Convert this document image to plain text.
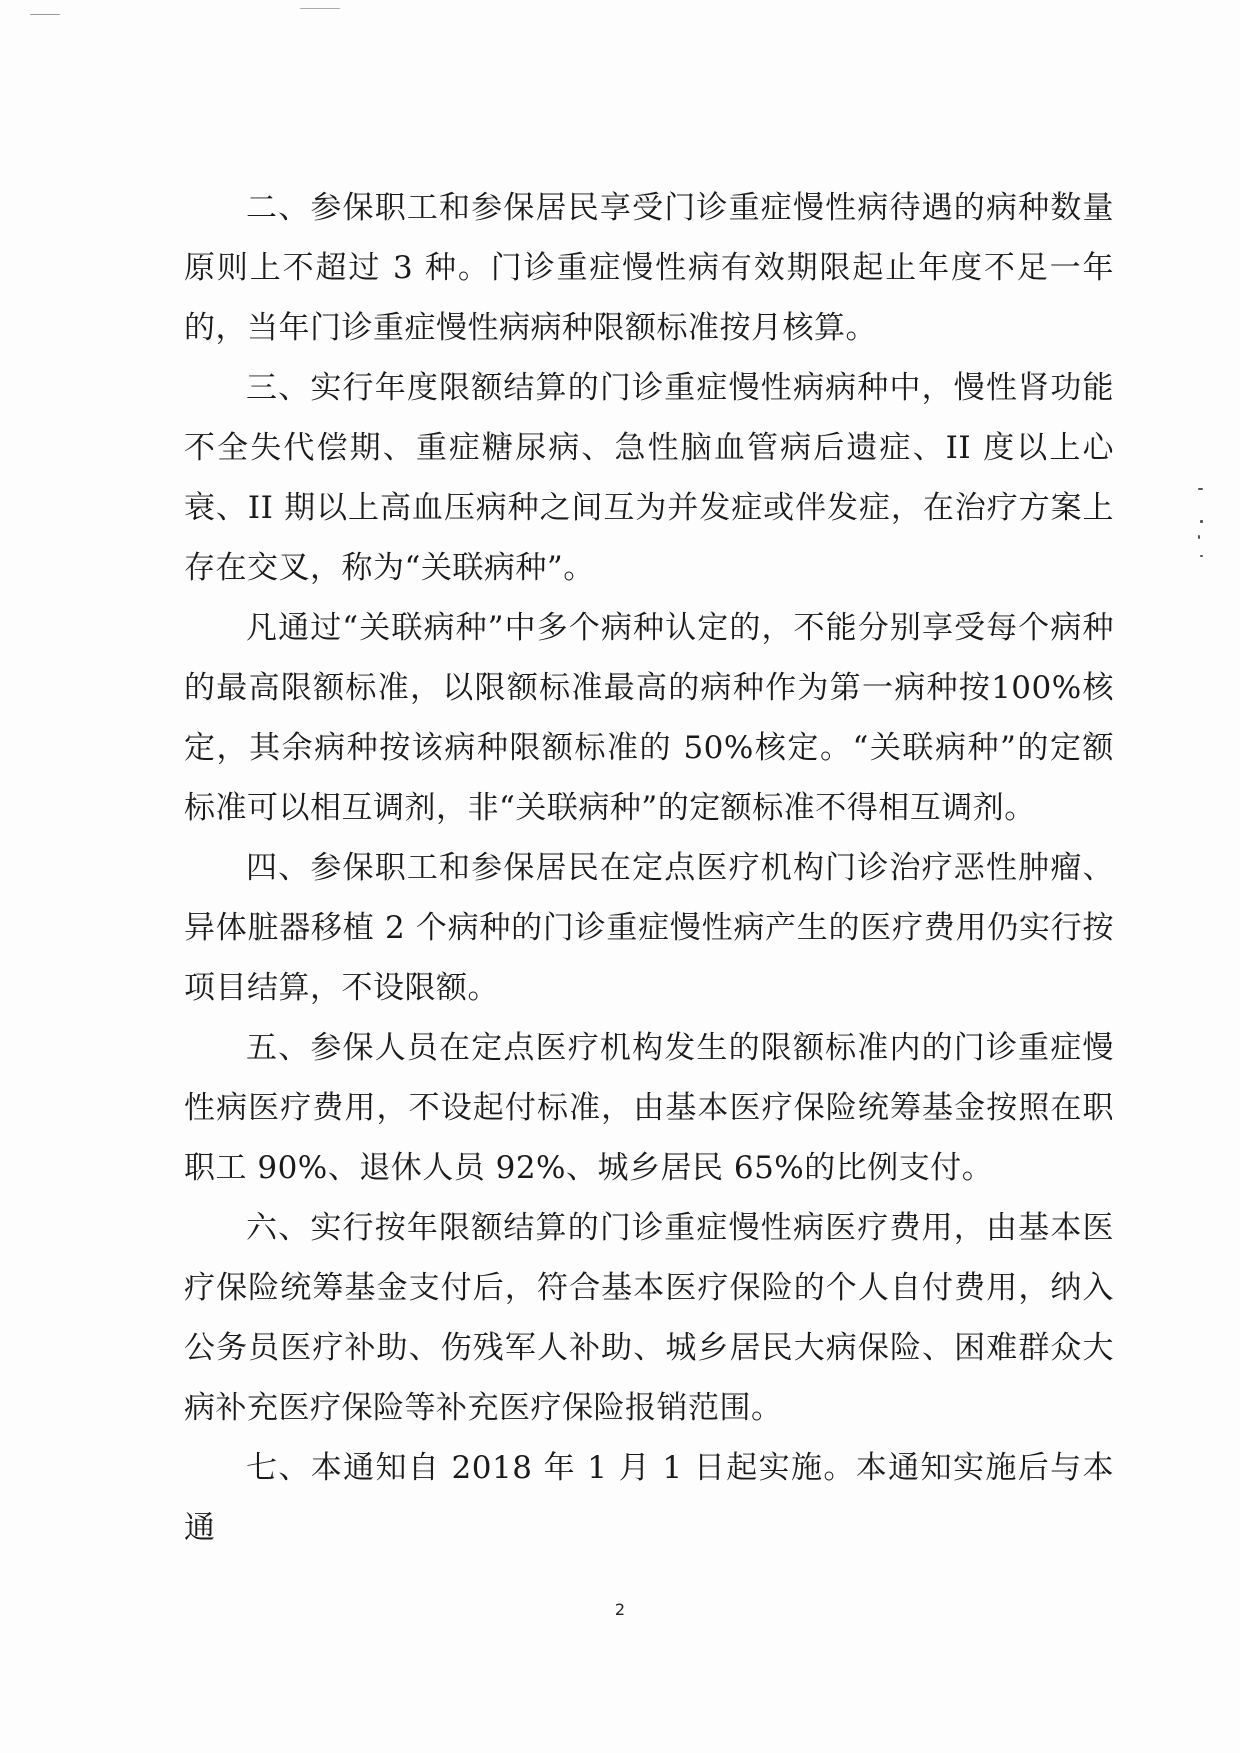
二、参保职工和参保居民享受门诊重症慢性病待遇的病种数量原则上不超过 3 种。门诊重症慢性病有效期限起止年度不足一年的，当年门诊重症慢性病病种限额标准按月核算。

三、实行年度限额结算的门诊重症慢性病病种中，慢性肾功能不全失代偿期、重症糖尿病、急性脑血管病后遗症、II 度以上心衰、II 期以上高血压病种之间互为并发症或伴发症，在治疗方案上存在交叉，称为“关联病种”。

凡通过“关联病种”中多个病种认定的，不能分别享受每个病种的最高限额标准，以限额标准最高的病种作为第一病种按100%核定，其余病种按该病种限额标准的 50%核定。“关联病种”的定额标准可以相互调剂，非“关联病种”的定额标准不得相互调剂。

四、参保职工和参保居民在定点医疗机构门诊治疗恶性肿瘤、异体脏器移植 2 个病种的门诊重症慢性病产生的医疗费用仍实行按项目结算，不设限额。

五、参保人员在定点医疗机构发生的限额标准内的门诊重症慢性病医疗费用，不设起付标准，由基本医疗保险统筹基金按照在职职工 90%、退休人员 92%、城乡居民 65%的比例支付。

六、实行按年限额结算的门诊重症慢性病医疗费用，由基本医疗保险统筹基金支付后，符合基本医疗保险的个人自付费用，纳入公务员医疗补助、伤残军人补助、城乡居民大病保险、困难群众大病补充医疗保险等补充医疗保险报销范围。

七、本通知自 2018 年 1 月 1 日起实施。本通知实施后与本通

2
